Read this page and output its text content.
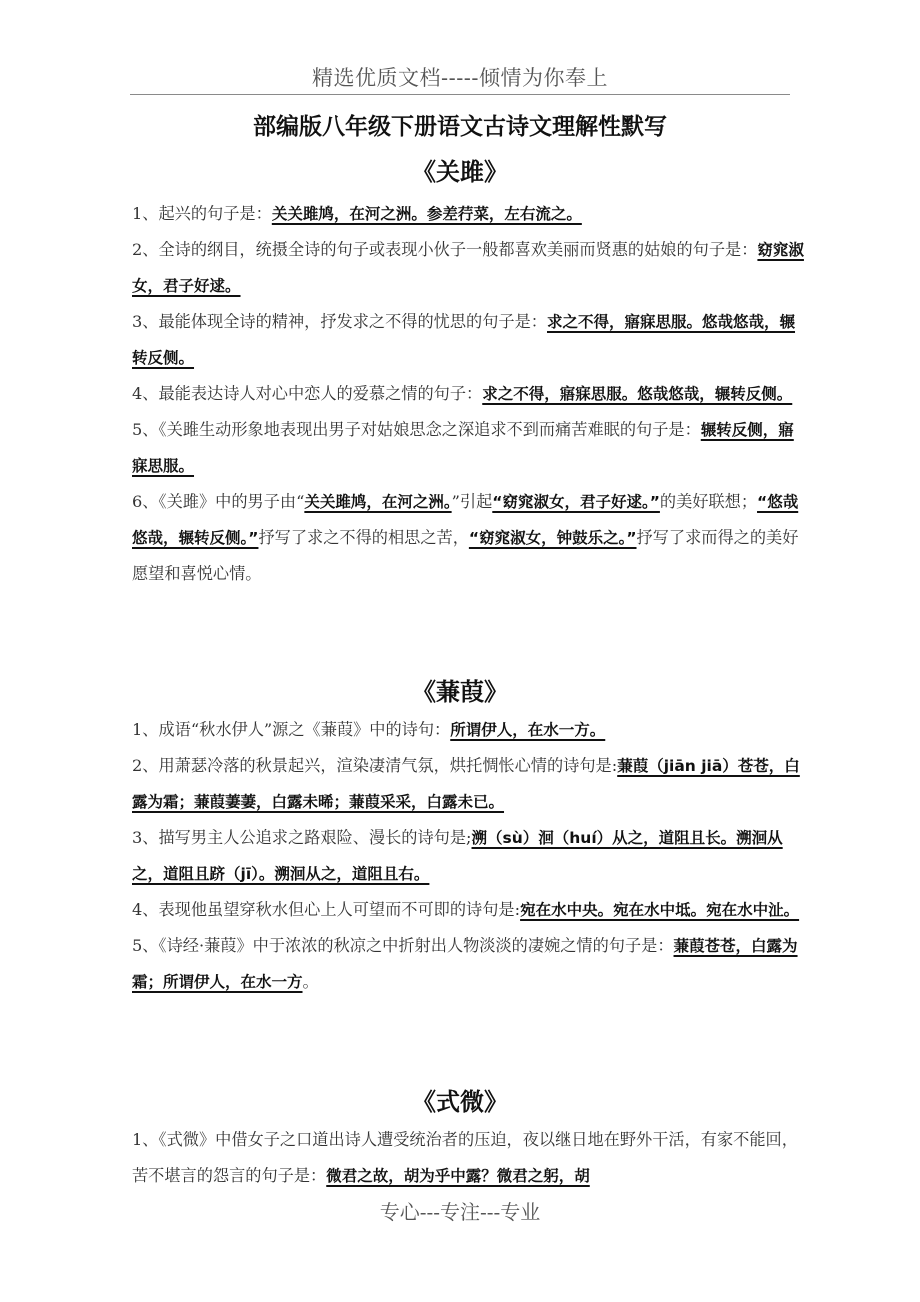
精选优质文档-----倾情为你奉上
部编版八年级下册语文古诗文理解性默写
《关雎》

1、起兴的句子是：关关雎鸠，在河之洲。参差荇菜，左右流之。

2、全诗的纲目，统摄全诗的句子或表现小伙子一般都喜欢美丽而贤惠的姑娘的句子是：窈窕淑女，君子好逑。

3、最能体现全诗的精神，抒发求之不得的忧思的句子是：求之不得，寤寐思服。悠哉悠哉，辗转反侧。

4、最能表达诗人对心中恋人的爱慕之情的句子：求之不得，寤寐思服。悠哉悠哉，辗转反侧。

5、《关雎生动形象地表现出男子对姑娘思念之深追求不到而痛苦难眠的句子是：辗转反侧，寤寐思服。

6、《关雎》中的男子由“关关雎鸠，在河之洲。”引起“窈窕淑女，君子好逑。”的美好联想；“悠哉悠哉，辗转反侧。”抒写了求之不得的相思之苦，“窈窕淑女，钟鼓乐之。”抒写了求而得之的美好愿望和喜悦心情。

《蒹葭》

1、成语“秋水伊人”源之《蒹葭》中的诗句：所谓伊人，在水一方。

2、用萧瑟冷落的秋景起兴，渲染凄清气氛，烘托惆怅心情的诗句是:蒹葭（jiān jiā）苍苍，白露为霜；蒹葭萋萋，白露未晞；蒹葭采采，白露未已。

3、描写男主人公追求之路艰险、漫长的诗句是;溯（sù）洄（huí）从之，道阻且长。溯洄从之，道阻且跻（jī）。溯洄从之，道阻且右。

4、表现他虽望穿秋水但心上人可望而不可即的诗句是:宛在水中央。宛在水中坻。宛在水中沚。

5、《诗经·蒹葭》中于浓浓的秋凉之中折射出人物淡淡的凄婉之情的句子是：蒹葭苍苍，白露为霜；所谓伊人，在水一方。

《式微》

1、《式微》中借女子之口道出诗人遭受统治者的压迫，夜以继日地在野外干活，有家不能回，苦不堪言的怨言的句子是：微君之故，胡为乎中露？微君之躬，胡

专心---专注---专业
